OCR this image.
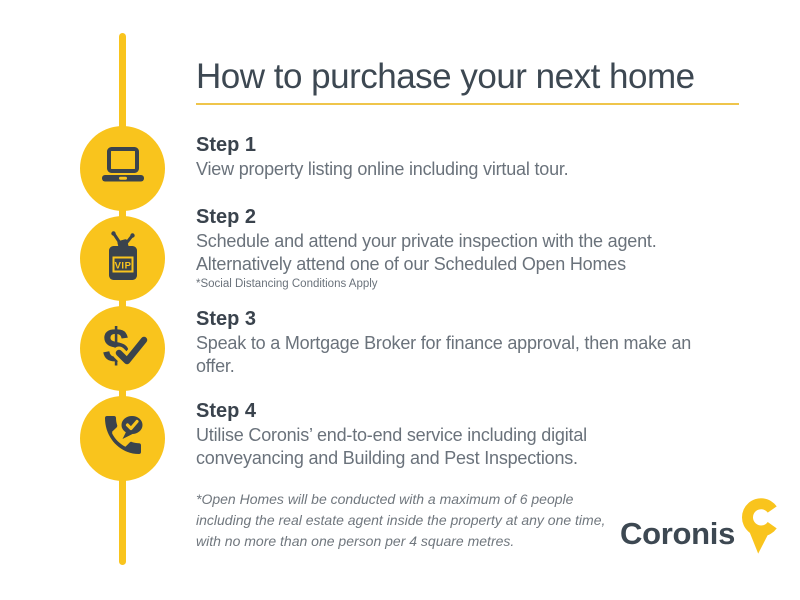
VIP
$
How to purchase your next home
Step 1
View property listing online including virtual tour.
Step 2
Schedule and attend your private inspection with the agent.
Alternatively attend one of our Scheduled Open Homes
*Social Distancing Conditions Apply
Step 3
Speak to a Mortgage Broker for finance approval, then make an
offer.
Step 4
Utilise Coronis’ end-to-end service including digital
conveyancing and Building and Pest Inspections.
*Open Homes will be conducted with a maximum of 6 people
including the real estate agent inside the property at any one time,
with no more than one person per 4 square metres.	Coronis
